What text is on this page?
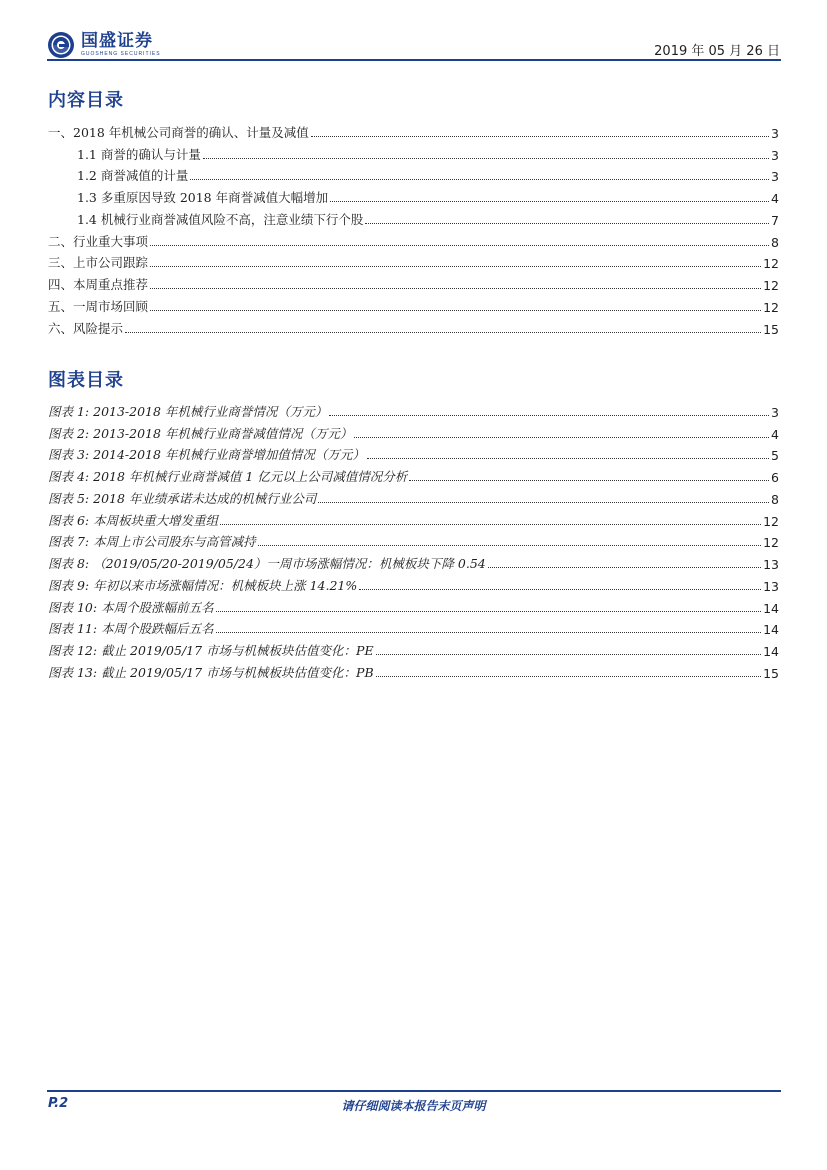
国盛证券
GUOSHENG SECURITIES	2019 年 05 月 26 日
内容目录
一、2018 年机械公司商誉的确认、计量及减值	3
1.1 商誉的确认与计量	3
1.2 商誉减值的计量	3
1.3 多重原因导致 2018 年商誉减值大幅增加	4
1.4 机械行业商誉减值风险不高，注意业绩下行个股	7
二、行业重大事项	8
三、上市公司跟踪	12
四、本周重点推荐	12
五、一周市场回顾	12
六、风险提示	15
图表目录
图表 1: 2013-2018 年机械行业商誉情况（万元）	3
图表 2: 2013-2018 年机械行业商誉减值情况（万元）	4
图表 3: 2014-2018 年机械行业商誉增加值情况（万元）	5
图表 4: 2018 年机械行业商誉减值 1 亿元以上公司减值情况分析	6
图表 5: 2018 年业绩承诺未达成的机械行业公司	8
图表 6: 本周板块重大增发重组	12
图表 7: 本周上市公司股东与高管减持	12
图表 8: （2019/05/20-2019/05/24）一周市场涨幅情况：机械板块下降 0.54	13
图表 9: 年初以来市场涨幅情况：机械板块上涨 14.21%	13
图表 10: 本周个股涨幅前五名	14
图表 11: 本周个股跌幅后五名	14
图表 12: 截止 2019/05/17 市场与机械板块估值变化：PE	14
图表 13: 截止 2019/05/17 市场与机械板块估值变化：PB	15
P.2	请仔细阅读本报告末页声明
